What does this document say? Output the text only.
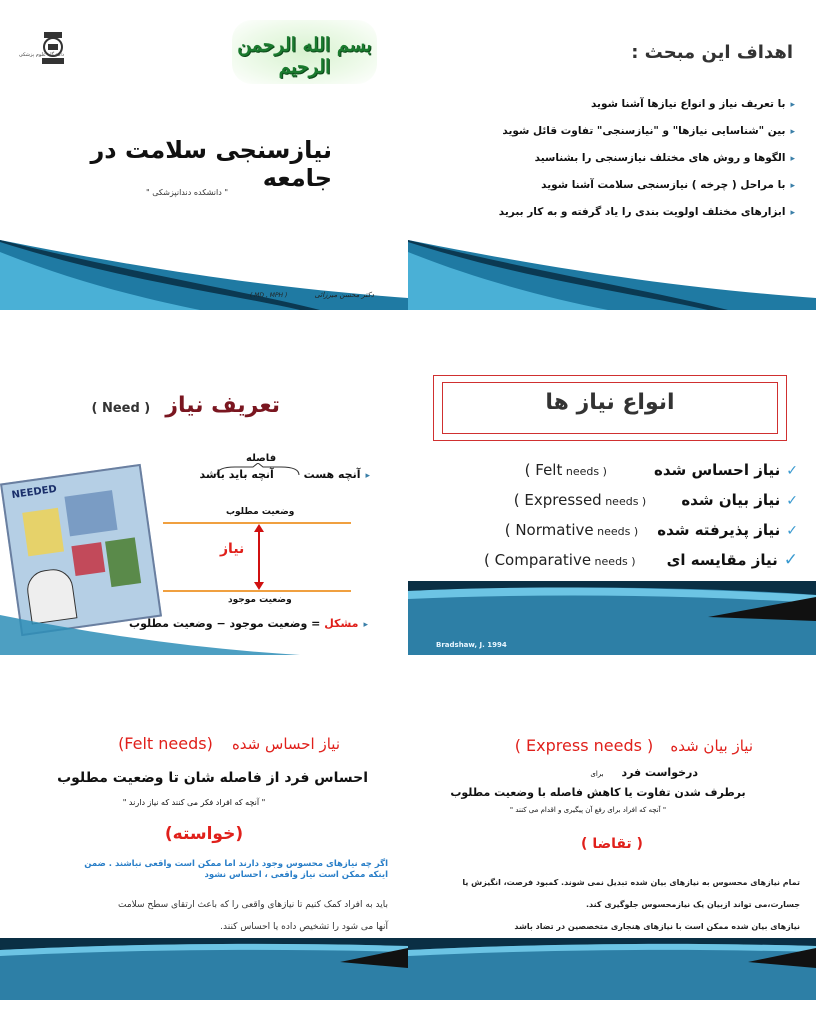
دانشگاه علوم پزشکی	بسم الله الرحمن الرحیم
نیازسنجی سلامت در جامعه
" دانشکده دندانپزشکی "
( MD , MPH )	دکتر محسن میرزائی
اهداف این مبحث :
▸با تعریف نیاز و انواع نیازها آشنا شوید
▸بین "شناسایی نیازها" و "نیازسنجی" تفاوت قائل شوید
▸الگوها و روش های مختلف نیازسنجی را بشناسید
▸با مراحل ( چرخه ) نیازسنجی سلامت آشنا شوید
▸ابزارهای مختلف اولویت بندی را یاد گرفته و به کار ببرید
تعریف نیاز ( Need )
NEEDED
فاصله
▸آنچه هست آنچه باید باشد
وضعیت مطلوب
نیاز
وضعیت موجود
▸مشکل = وضعیت موجود − وضعیت مطلوب
انواع نیاز ها
✓نیاز احساس شده ( Felt needs )
✓نیاز بیان شده ( Expressed needs )
✓نیاز پذیرفته شده ( Normative needs )
✓نیاز مقایسه ای ( Comparative needs )
Bradshaw, J. 1994
نیاز احساس شده (Felt needs)
احساس فرد از فاصله شان تا وضعیت مطلوب
" آنچه که افراد فکر می کنند که نیاز دارند "
(خواسته)
اگر چه نیازهای محسوس وجود دارند اما ممکن است واقعی نباشند . ضمن
اینکه ممکن است نیاز واقعی ، احساس نشود
باید به افراد کمک کنیم تا نیازهای واقعی را که باعث ارتقای سطح سلامت
آنها می شود را تشخیص داده یا احساس کنند.
نیاز بیان شده ( Express needs )
درخواست فرد برای
برطرف شدن تفاوت یا کاهش فاصله با وضعیت مطلوب
" آنچه که افراد برای رفع آن پیگیری و اقدام می کنند "
( تقاضا )
تمام نیازهای محسوس به نیازهای بیان شده تبدیل نمی شوند. کمبود فرصت، انگیزش یا
جسارت،می تواند ازبیان یک نیازمحسوس جلوگیری کند.
نیازهای بیان شده ممکن است با نیازهای هنجاری متخصصین در تضاد باشد
